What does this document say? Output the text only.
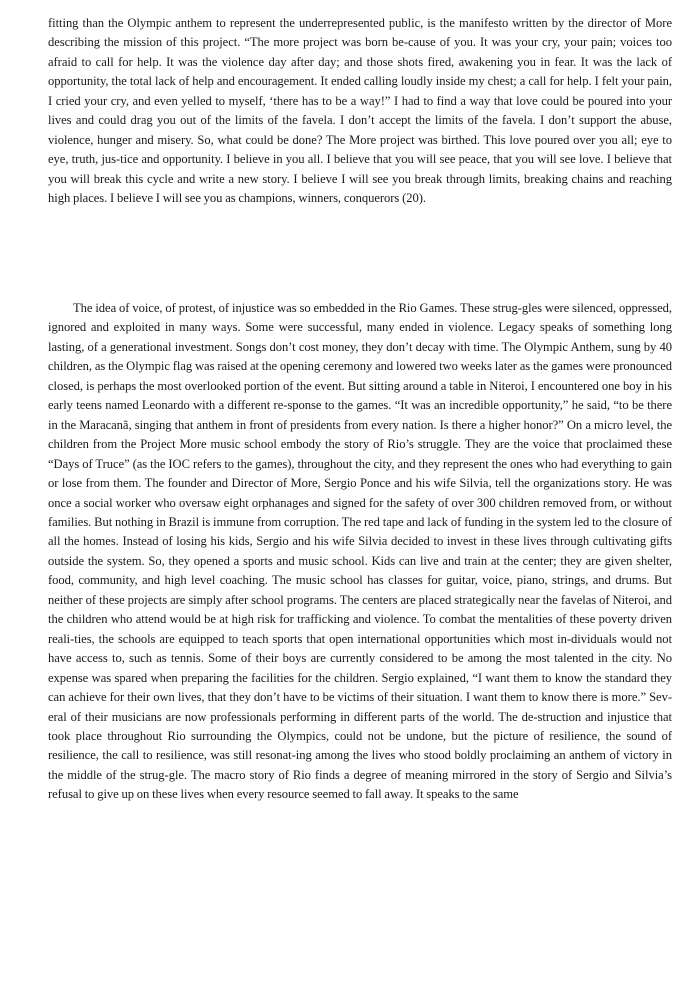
fitting than the Olympic anthem to represent the underrepresented public, is the manifesto written by the director of More describing the mission of this project. “The more project was born be-cause of you. It was your cry, your pain; voices too afraid to call for help. It was the violence day after day; and those shots fired, awakening you in fear. It was the lack of opportunity, the total lack of help and encouragement. It ended calling loudly inside my chest; a call for help. I felt your pain, I cried your cry, and even yelled to myself, ‘there has to be a way!” I had to find a way that love could be poured into your lives and could drag you out of the limits of the favela. I don’t accept the limits of the favela. I don’t support the abuse, violence, hunger and misery. So, what could be done? The More project was birthed. This love poured over you all; eye to eye, truth, jus-tice and opportunity. I believe in you all. I believe that you will see peace, that you will see love. I believe that you will break this cycle and write a new story. I believe I will see you break through limits, breaking chains and reaching high places. I believe I will see you as champions, winners, conquerors (20).

The idea of voice, of protest, of injustice was so embedded in the Rio Games. These strug-gles were silenced, oppressed, ignored and exploited in many ways. Some were successful, many ended in violence. Legacy speaks of something long lasting, of a generational investment. Songs don’t cost money, they don’t decay with time. The Olympic Anthem, sung by 40 children, as the Olympic flag was raised at the opening ceremony and lowered two weeks later as the games were pronounced closed, is perhaps the most overlooked portion of the event. But sitting around a table in Niteroi, I encountered one boy in his early teens named Leonardo with a different re-sponse to the games. “It was an incredible opportunity,” he said, “to be there in the Maracanã, singing that anthem in front of presidents from every nation. Is there a higher honor?” On a micro level, the children from the Project More music school embody the story of Rio’s struggle. They are the voice that proclaimed these “Days of Truce” (as the IOC refers to the games), throughout the city, and they represent the ones who had everything to gain or lose from them. The founder and Director of More, Sergio Ponce and his wife Silvia, tell the organizations story. He was once a social worker who oversaw eight orphanages and signed for the safety of over 300 children removed from, or without families. But nothing in Brazil is immune from corruption. The red tape and lack of funding in the system led to the closure of all the homes. Instead of losing his kids, Sergio and his wife Silvia decided to invest in these lives through cultivating gifts outside the system. So, they opened a sports and music school. Kids can live and train at the center; they are given shelter, food, community, and high level coaching. The music school has classes for guitar, voice, piano, strings, and drums. But neither of these projects are simply after school programs. The centers are placed strategically near the favelas of Niteroi, and the children who attend would be at high risk for trafficking and violence. To combat the mentalities of these poverty driven reali-ties, the schools are equipped to teach sports that open international opportunities which most in-dividuals would not have access to, such as tennis. Some of their boys are currently considered to be among the most talented in the city. No expense was spared when preparing the facilities for the children. Sergio explained, “I want them to know the standard they can achieve for their own lives, that they don’t have to be victims of their situation. I want them to know there is more.” Sev-eral of their musicians are now professionals performing in different parts of the world. The de-struction and injustice that took place throughout Rio surrounding the Olympics, could not be undone, but the picture of resilience, the sound of resilience, the call to resilience, was still resonat-ing among the lives who stood boldly proclaiming an anthem of victory in the middle of the strug-gle. The macro story of Rio finds a degree of meaning mirrored in the story of Sergio and Silvia’s refusal to give up on these lives when every resource seemed to fall away. It speaks to the same
